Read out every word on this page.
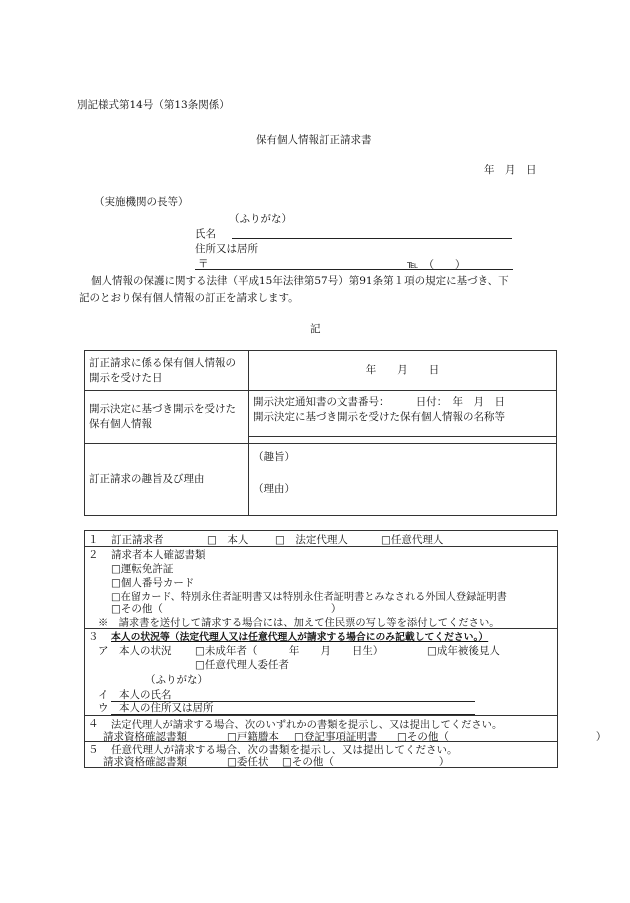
別記様式第14号（第13条関係）
保有個人情報訂正請求書
年　月　日
（実施機関の長等）
（ふりがな）
氏名
住所又は居所
〒	℡　（　　）
個人情報の保護に関する法律（平成15年法律第57号）第91条第１項の規定に基づき、下
記のとおり保有個人情報の訂正を請求します。
記
訂正請求に係る保有個人情報の開示を受けた日	年　　月　　日
開示決定に基づき開示を受けた保有個人情報	開示決定通知書の文書番号：　　　日付：　年　月　日
開示決定に基づき開示を受けた保有個人情報の名称等

訂正請求の趣旨及び理由	（趣旨）
（理由）
１ 訂正請求者	□　本人	□　法定代理人	□任意代理人
２ 請求者本人確認書類
□運転免許証
□個人番号カード
□在留カード、特別永住者証明書又は特別永住者証明書とみなされる外国人登録証明書
□その他（　　　　　　　　　　　　　　　　）
※　請求書を送付して請求する場合には、加えて住民票の写し等を添付してください。
３ 本人の状況等（法定代理人又は任意代理人が請求する場合にのみ記載してください。）
ア　本人の状況 □未成年者（　　　年　　月　　日生）	□成年被後見人
□任意代理人委任者
（ふりがな）
イ　本人の氏名
ウ　本人の住所又は居所
４ 法定代理人が請求する場合、次のいずれかの書類を提示し、又は提出してください。
請求資格確認書類	□戸籍謄本 □登記事項証明書 □その他（　　　　　　　　　　　　　　）
５ 任意代理人が請求する場合、次の書類を提示し、又は提出してください。
請求資格確認書類	□委任状 □その他（　　　　　　　　　　）
